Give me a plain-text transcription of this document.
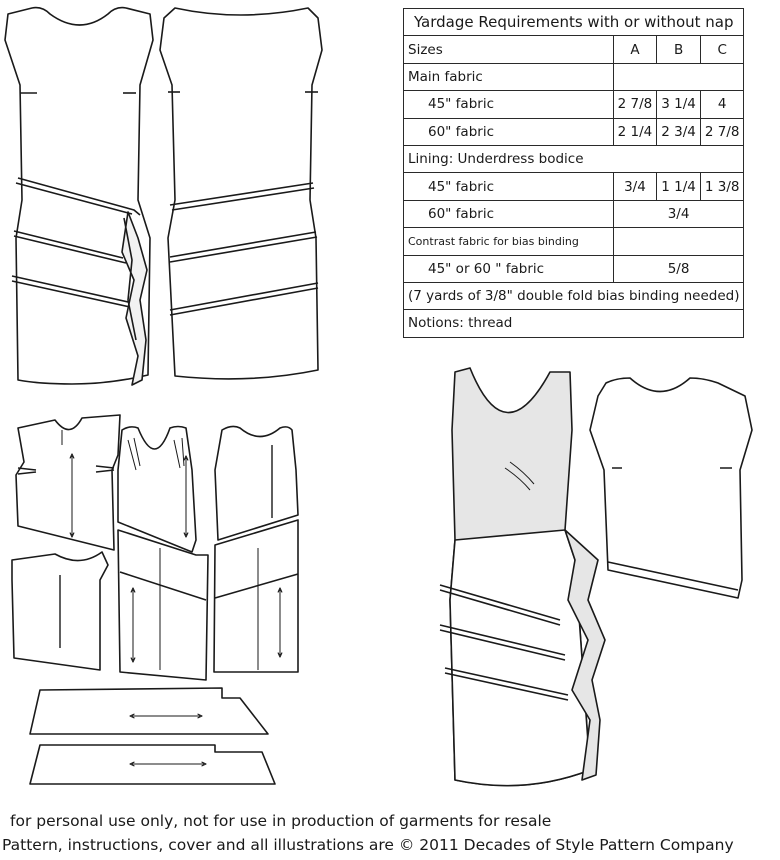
Yardage Requirements with or without nap			
Sizes	A	B	C
Main fabric			
45" fabric	2 7/8	3 1/4	4
60" fabric	2 1/4	2 3/4	2 7/8
Lining: Underdress bodice			
45" fabric	3/4	1 1/4	1 3/8
60" fabric	3/4		
Contrast fabric for bias binding			
45" or 60 " fabric	5/8		
(7 yards of 3/8" double fold bias binding needed)			
Notions: thread			
for personal use only, not for use in production of garments for resale
Pattern, instructions, cover and all illustrations are © 2011 Decades of Style Pattern Company
